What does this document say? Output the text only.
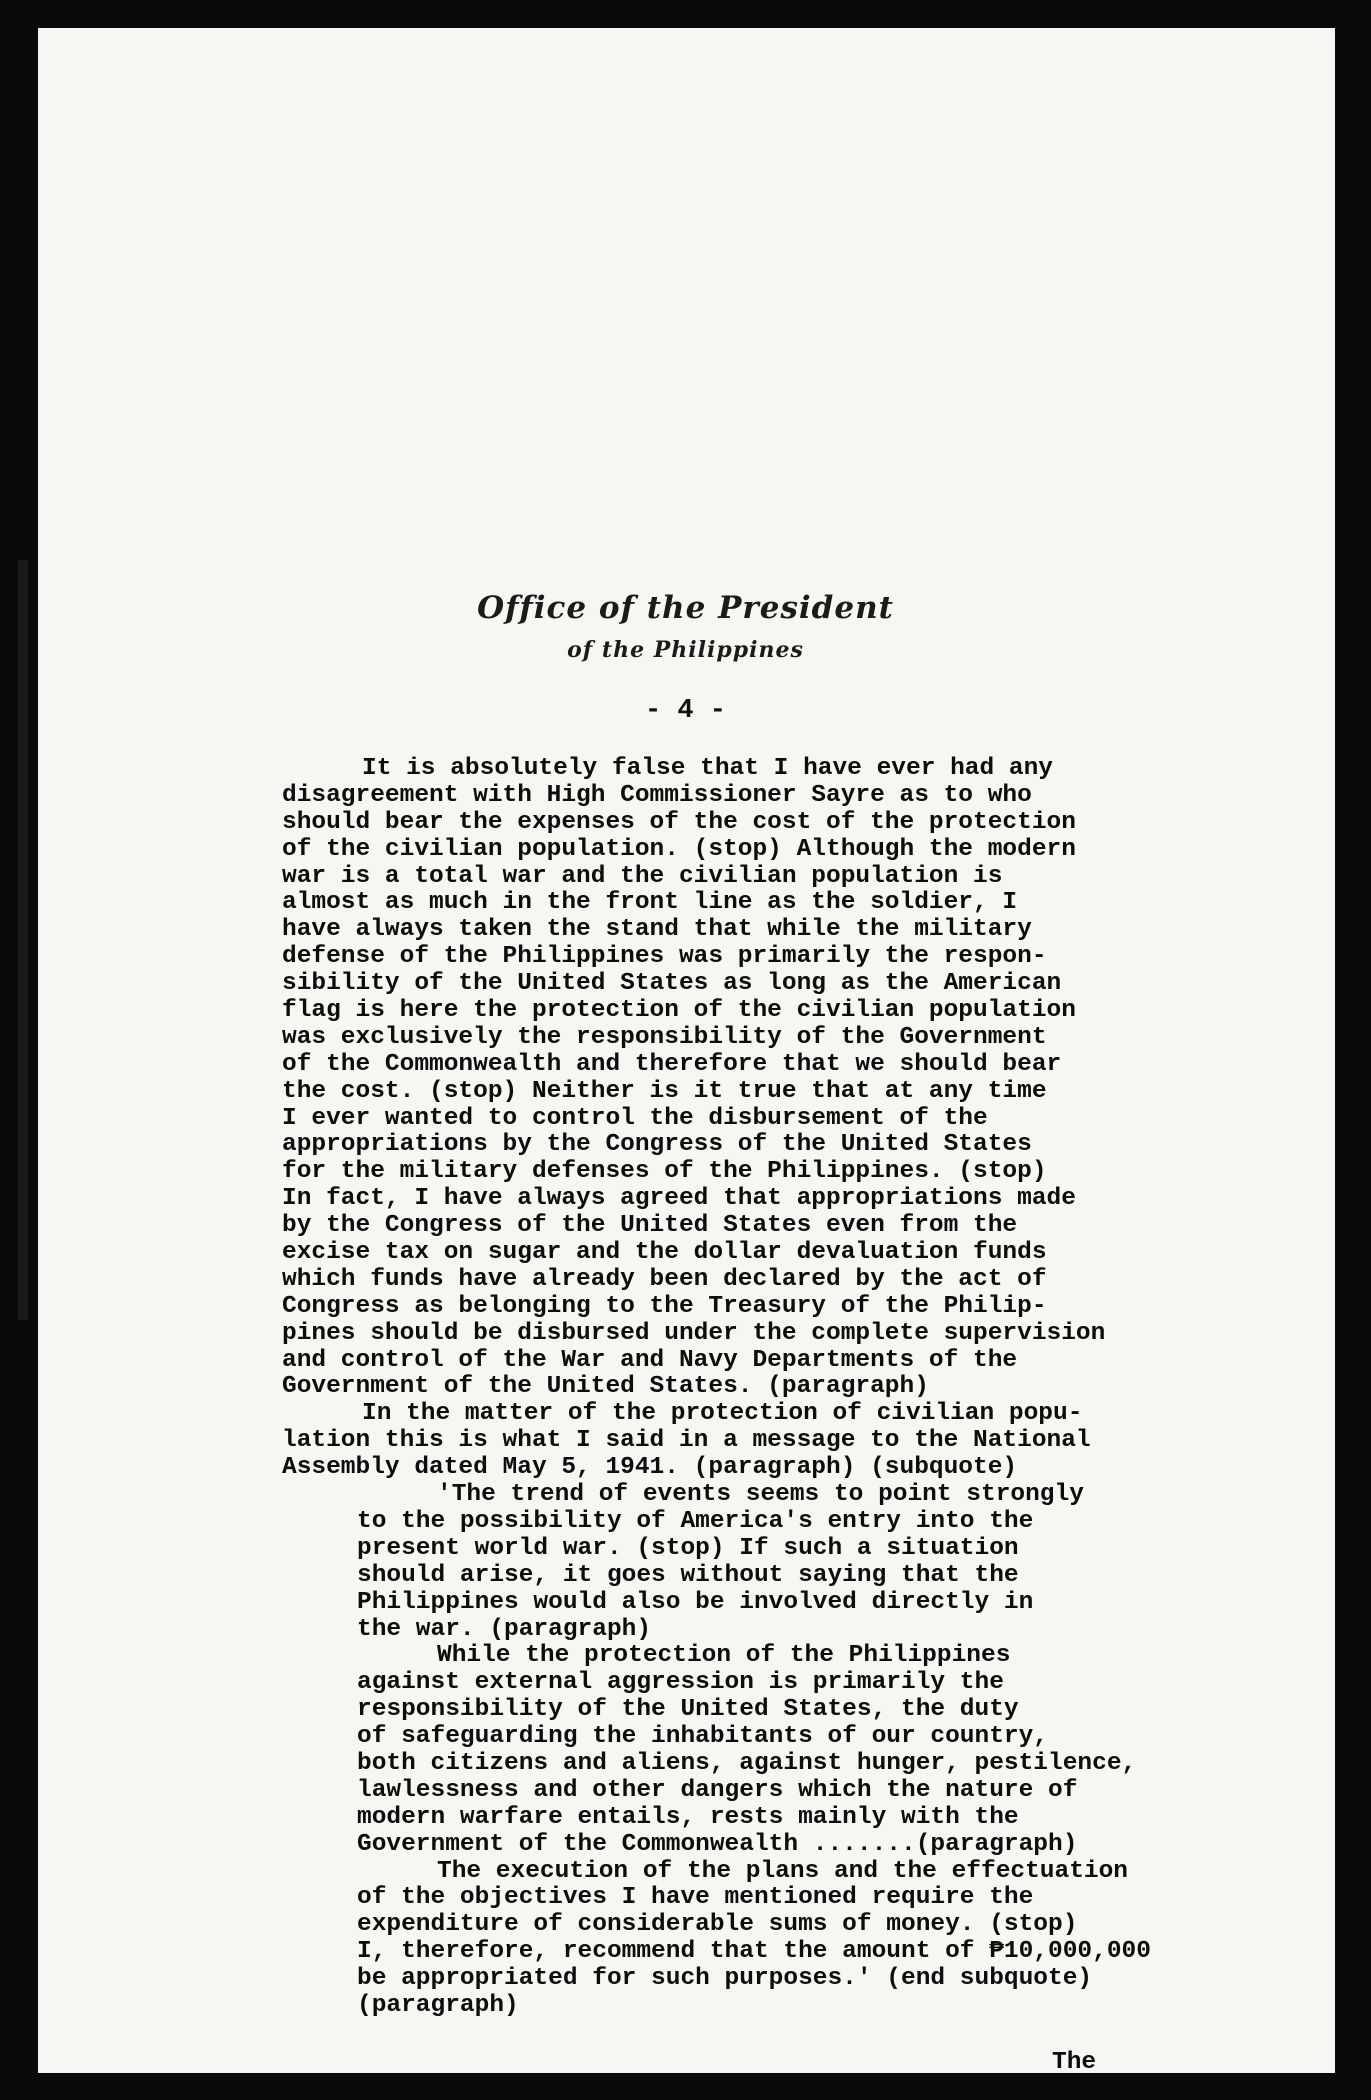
Office of the President
of the Philippines
- 4 -
It is absolutely false that I have ever had any
disagreement with High Commissioner Sayre as to who
should bear the expenses of the cost of the protection
of the civilian population. (stop) Although the modern
war is a total war and the civilian population is
almost as much in the front line as the soldier, I
have always taken the stand that while the military
defense of the Philippines was primarily the respon-
sibility of the United States as long as the American
flag is here the protection of the civilian population
was exclusively the responsibility of the Government
of the Commonwealth and therefore that we should bear
the cost. (stop) Neither is it true that at any time
I ever wanted to control the disbursement of the
appropriations by the Congress of the United States
for the military defenses of the Philippines. (stop)
In fact, I have always agreed that appropriations made
by the Congress of the United States even from the
excise tax on sugar and the dollar devaluation funds
which funds have already been declared by the act of
Congress as belonging to the Treasury of the Philip-
pines should be disbursed under the complete supervision
and control of the War and Navy Departments of the
Government of the United States. (paragraph)
In the matter of the protection of civilian popu-
lation this is what I said in a message to the National
Assembly dated May 5, 1941. (paragraph) (subquote)
'The trend of events seems to point strongly
to the possibility of America's entry into the
present world war. (stop) If such a situation
should arise, it goes without saying that the
Philippines would also be involved directly in
the war. (paragraph)
While the protection of the Philippines
against external aggression is primarily the
responsibility of the United States, the duty
of safeguarding the inhabitants of our country,
both citizens and aliens, against hunger, pestilence,
lawlessness and other dangers which the nature of
modern warfare entails, rests mainly with the
Government of the Commonwealth .......(paragraph)
The execution of the plans and the effectuation
of the objectives I have mentioned require the
expenditure of considerable sums of money. (stop)
I, therefore, recommend that the amount of ₱10,000,000
be appropriated for such purposes.' (end subquote)
(paragraph)
The
